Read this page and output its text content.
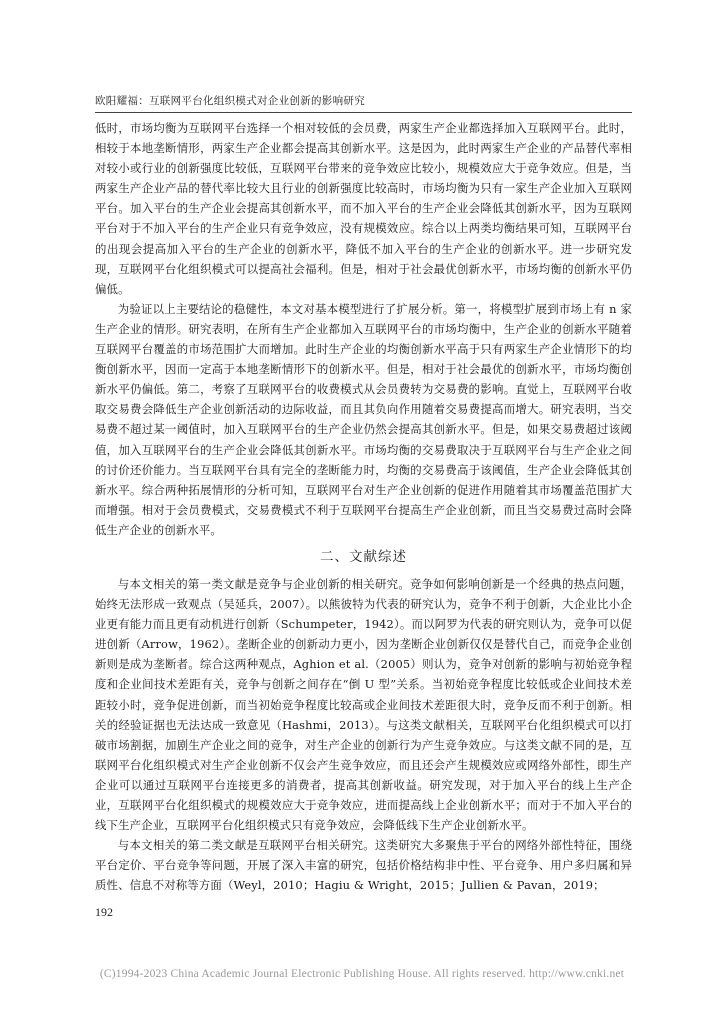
欧阳耀福：互联网平台化组织模式对企业创新的影响研究

低时，市场均衡为互联网平台选择一个相对较低的会员费，两家生产企业都选择加入互联网平台。此时，相较于本地垄断情形，两家生产企业都会提高其创新水平。这是因为，此时两家生产企业的产品替代率相对较小或行业的创新强度比较低，互联网平台带来的竞争效应比较小，规模效应大于竞争效应。但是，当两家生产企业产品的替代率比较大且行业的创新强度比较高时，市场均衡为只有一家生产企业加入互联网平台。加入平台的生产企业会提高其创新水平，而不加入平台的生产企业会降低其创新水平，因为互联网平台对于不加入平台的生产企业只有竞争效应，没有规模效应。综合以上两类均衡结果可知，互联网平台的出现会提高加入平台的生产企业的创新水平，降低不加入平台的生产企业的创新水平。进一步研究发现，互联网平台化组织模式可以提高社会福利。但是，相对于社会最优创新水平，市场均衡的创新水平仍偏低。

为验证以上主要结论的稳健性，本文对基本模型进行了扩展分析。第一，将模型扩展到市场上有 n 家生产企业的情形。研究表明，在所有生产企业都加入互联网平台的市场均衡中，生产企业的创新水平随着互联网平台覆盖的市场范围扩大而增加。此时生产企业的均衡创新水平高于只有两家生产企业情形下的均衡创新水平，因而一定高于本地垄断情形下的创新水平。但是，相对于社会最优的创新水平，市场均衡创新水平仍偏低。第二，考察了互联网平台的收费模式从会员费转为交易费的影响。直觉上，互联网平台收取交易费会降低生产企业创新活动的边际收益，而且其负向作用随着交易费提高而增大。研究表明，当交易费不超过某一阈值时，加入互联网平台的生产企业仍然会提高其创新水平。但是，如果交易费超过该阈值，加入互联网平台的生产企业会降低其创新水平。市场均衡的交易费取决于互联网平台与生产企业之间的讨价还价能力。当互联网平台具有完全的垄断能力时，均衡的交易费高于该阈值，生产企业会降低其创新水平。综合两种拓展情形的分析可知，互联网平台对生产企业创新的促进作用随着其市场覆盖范围扩大而增强。相对于会员费模式，交易费模式不利于互联网平台提高生产企业创新，而且当交易费过高时会降低生产企业的创新水平。

二、文献综述

与本文相关的第一类文献是竞争与企业创新的相关研究。竞争如何影响创新是一个经典的热点问题，始终无法形成一致观点（吴延兵，2007）。以熊彼特为代表的研究认为，竞争不利于创新，大企业比小企业更有能力而且更有动机进行创新（Schumpeter，1942）。而以阿罗为代表的研究则认为，竞争可以促进创新（Arrow，1962）。垄断企业的创新动力更小，因为垄断企业创新仅仅是替代自己，而竞争企业创新则是成为垄断者。综合这两种观点，Aghion et al.（2005）则认为，竞争对创新的影响与初始竞争程度和企业间技术差距有关，竞争与创新之间存在“倒 U 型”关系。当初始竞争程度比较低或企业间技术差距较小时，竞争促进创新，而当初始竞争程度比较高或企业间技术差距很大时，竞争反而不利于创新。相关的经验证据也无法达成一致意见（Hashmi，2013）。与这类文献相关，互联网平台化组织模式可以打破市场割据，加剧生产企业之间的竞争，对生产企业的创新行为产生竞争效应。与这类文献不同的是，互联网平台化组织模式对生产企业创新不仅会产生竞争效应，而且还会产生规模效应或网络外部性，即生产企业可以通过互联网平台连接更多的消费者，提高其创新收益。研究发现，对于加入平台的线上生产企业，互联网平台化组织模式的规模效应大于竞争效应，进而提高线上企业创新水平；而对于不加入平台的线下生产企业，互联网平台化组织模式只有竞争效应，会降低线下生产企业创新水平。

与本文相关的第二类文献是互联网平台相关研究。这类研究大多聚焦于平台的网络外部性特征，围绕平台定价、平台竞争等问题，开展了深入丰富的研究，包括价格结构非中性、平台竞争、用户多归属和异质性、信息不对称等方面（Weyl，2010；Hagiu & Wright，2015；Jullien & Pavan，2019；

192
(C)1994-2023 China Academic Journal Electronic Publishing House. All rights reserved. http://www.cnki.net
